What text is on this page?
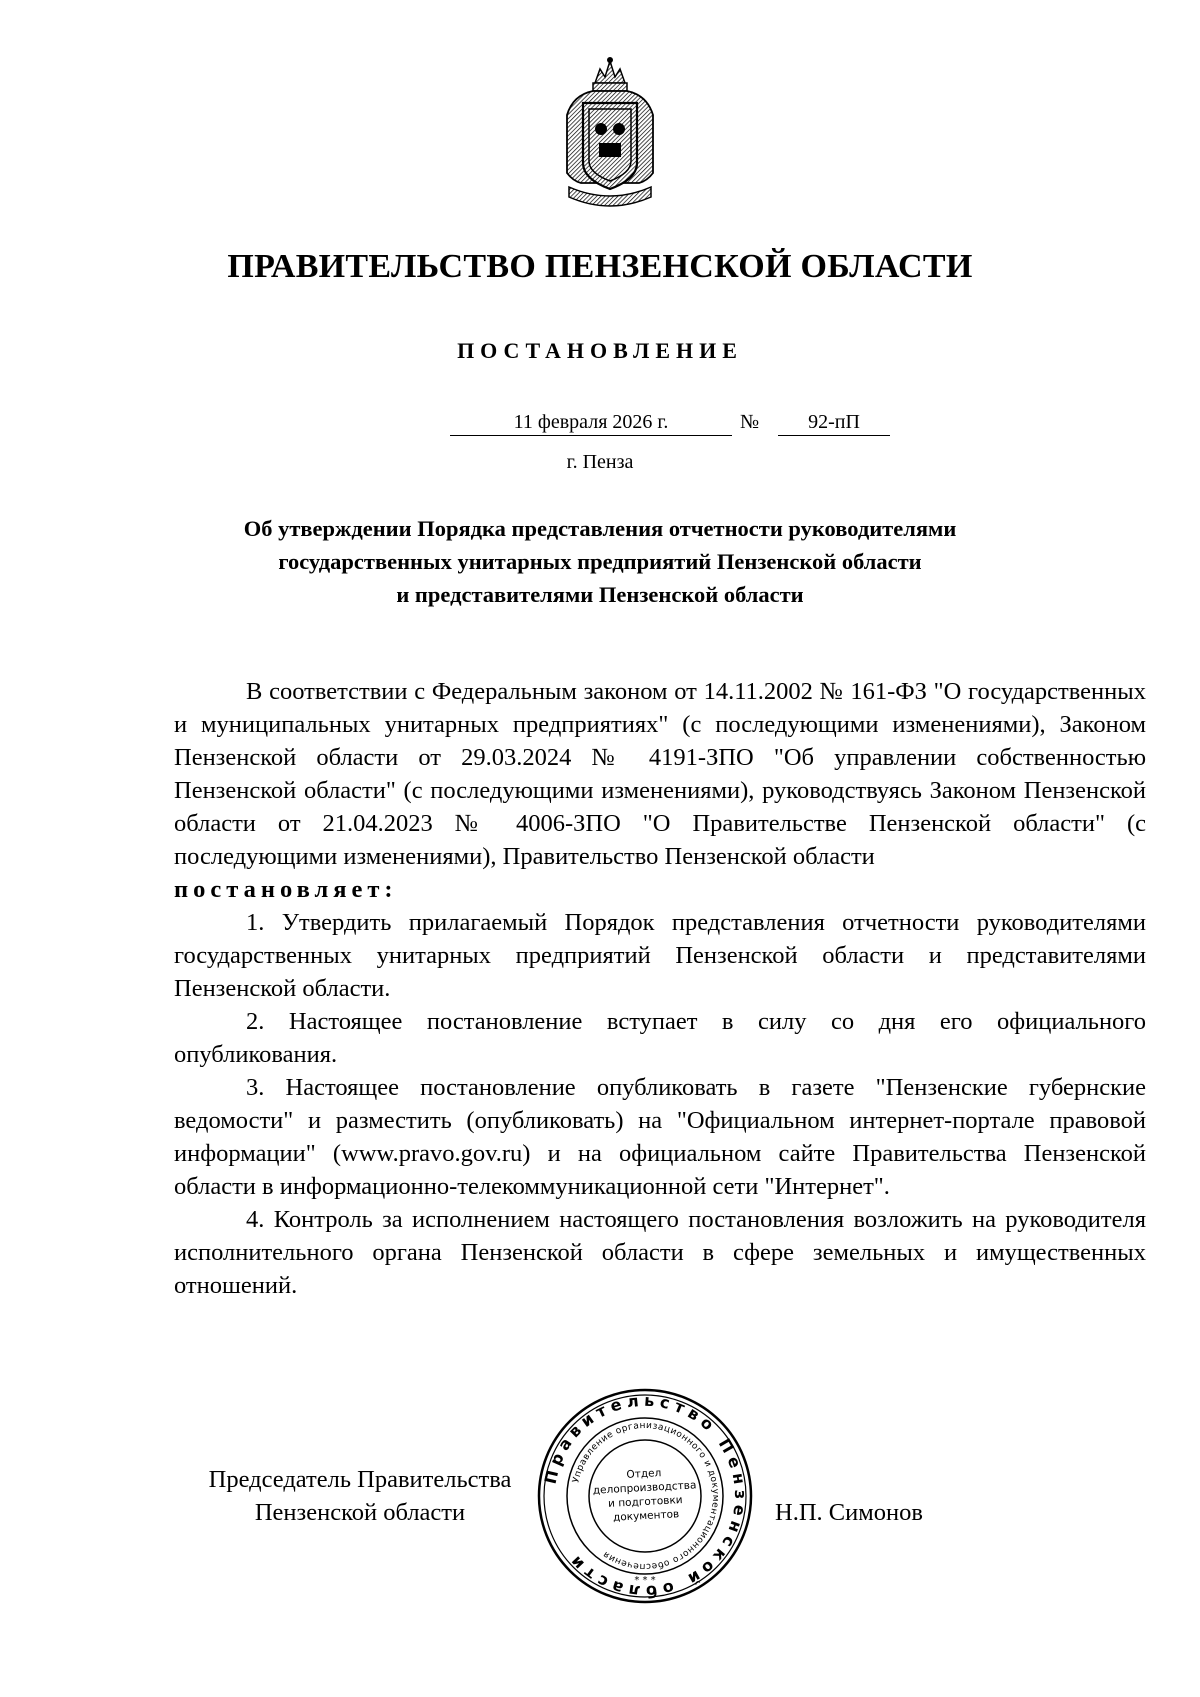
ПРАВИТЕЛЬСТВО ПЕНЗЕНСКОЙ ОБЛАСТИ
ПОСТАНОВЛЕНИЕ
11 февраля 2026 г.	№	92-пП
г. Пенза
Об утверждении Порядка представления отчетности руководителями
государственных унитарных предприятий Пензенской области
и представителями Пензенской области

В соответствии с Федеральным законом от 14.11.2002 № 161-ФЗ "О государственных и муниципальных унитарных предприятиях" (с последующими изменениями), Законом Пензенской области от 29.03.2024 № 4191-ЗПО "Об управлении собственностью Пензенской области" (с последующими изменениями), руководствуясь Законом Пензенской области от 21.04.2023 № 4006-ЗПО "О Правительстве Пензенской области" (с последующими изменениями), Правительство Пензенской области

постановляет:

1. Утвердить прилагаемый Порядок представления отчетности руководителями государственных унитарных предприятий Пензенской области и представителями Пензенской области.

2. Настоящее постановление вступает в силу со дня его официального опубликования.

3. Настоящее постановление опубликовать в газете "Пензенские губернские ведомости" и разместить (опубликовать) на "Официальном интернет-портале правовой информации" (www.pravo.gov.ru) и на официальном сайте Правительства Пензенской области в информационно-телекоммуникационной сети "Интернет".

4. Контроль за исполнением настоящего постановления возложить на руководителя исполнительного органа Пензенской области в сфере земельных и имущественных отношений.

Председатель Правительства
Пензенской области	Н.П. Симонов
Правительство Пензенской области
Управление организационного и документационного обеспечения
* * *
Отдел
делопроизводства
и подготовки
документов
